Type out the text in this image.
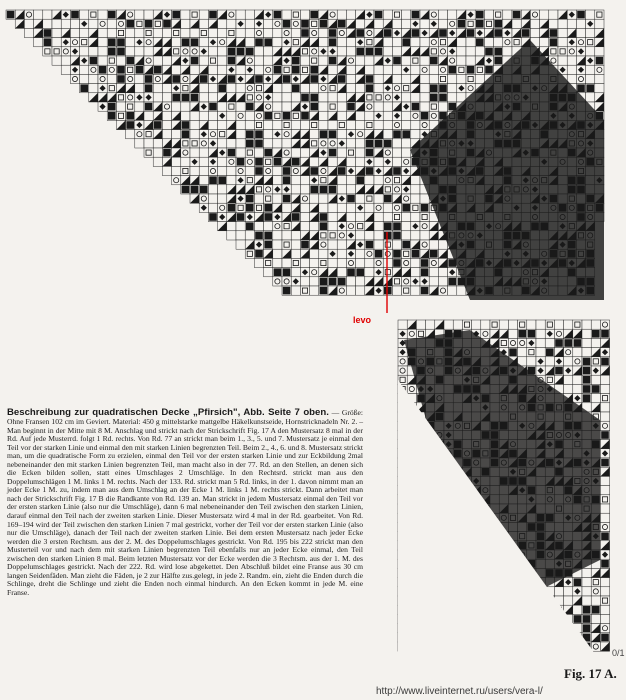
levo
Beschreibung zur quadratischen Decke „Pfirsich", Abb. Seite 7 oben. — Größe: Ohne Fransen 102 cm im Geviert. Material: 450 g mittelstarke mattgelbe Häkelkunstseide, Hornstricknadeln Nr. 2. – Man beginnt in der Mitte mit 8 M. Anschlag und strickt nach der Strickschrift Fig. 17 A den Mustersatz 8 mal in der Rd. Auf jede Musterrd. folgt 1 Rd. rechts. Von Rd. 77 an strickt man beim 1., 3., 5. und 7. Mustersatz je einmal den Teil vor der starken Linie und einmal den mit starken Linien begrenzten Teil. Beim 2., 4., 6. und 8. Mustersatz strickt man, um die quadratische Form zu erzielen, einmal den Teil vor der ersten starken Linie und zur Eckbildung 2mal nebeneinander den mit starken Linien begrenzten Teil, man macht also in der 77. Rd. an den Stellen, an denen sich die Ecken bilden sollen, statt eines Umschlages 2 Umschläge. In den Rechtsrd. strickt man aus den Doppelumschlägen 1 M. links 1 M. rechts. Nach der 133. Rd. strickt man 5 Rd. links, in der 1. davon nimmt man an jeder Ecke 1 M. zu, indem man aus dem Umschlag an der Ecke 1 M. links 1 M. rechts strickt. Dann arbeitet man nach der Strickschrift Fig. 17 B die Randkante von Rd. 139 an. Man strickt in jedem Mustersatz einmal den Teil vor der ersten starken Linie (also nur die Umschläge), dann 6 mal nebeneinander den Teil zwischen den starken Linien, darauf einmal den Teil nach der zweiten starken Linie. Dieser Mustersatz wird 4 mal in der Rd. gearbeitet. Von Rd. 169–194 wird der Teil zwischen den starken Linien 7 mal gestrickt, vorher der Teil vor der ersten starken Linie (also nur die Umschläge), danach der Teil nach der zweiten starken Linie. Bei dem ersten Mustersatz nach jeder Ecke werden die 3 ersten Rechtsm. aus der 2. M. des Doppelumschlages gestrickt. Von Rd. 195 bis 222 strickt man den Musterteil vor und nach dem mit starken Linien begrenzten Teil ebenfalls nur an jeder Ecke einmal, den Teil zwischen den starken Linien 8 mal. Beim letzten Mustersatz vor der Ecke werden die 3 Rechtsm. aus der 1. M. des Doppelumschlages gestrickt. Nach der 222. Rd. wird lose abgekettet. Den Abschluß bildet eine Franse aus 30 cm langen Seidenfäden. Man zieht die Fäden, je 2 zur Hälfte zus.gelegt, in jede 2. Randm. ein, zieht die Enden durch die Schlinge, dreht die Schlinge und zieht die Enden noch einmal hindurch. An den Ecken kommt in jede M. eine Franse.
0/1
Fig. 17 A.
http://www.liveinternet.ru/users/vera-l/
